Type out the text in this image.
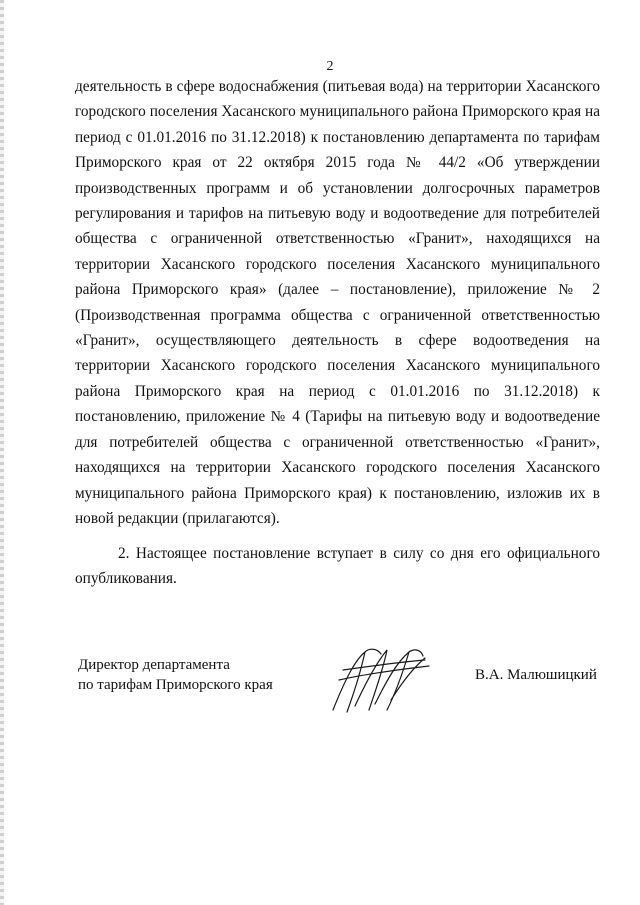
2

деятельность в сфере водоснабжения (питьевая вода) на территории Хасанского городского поселения Хасанского муниципального района Приморского края на период с 01.01.2016 по 31.12.2018) к постановлению департамента по тарифам Приморского края от 22 октября 2015 года № 44/2 «Об утверждении производственных программ и об установлении долгосрочных параметров регулирования и тарифов на питьевую воду и водоотведение для потребителей общества с ограниченной ответственностью «Гранит», находящихся на территории Хасанского городского поселения Хасанского муниципального района Приморского края» (далее – постановление), приложение № 2 (Производственная программа общества с ограниченной ответственностью «Гранит», осуществляющего деятельность в сфере водоотведения на территории Хасанского городского поселения Хасанского муниципального района Приморского края на период с 01.01.2016 по 31.12.2018) к постановлению, приложение № 4 (Тарифы на питьевую воду и водоотведение для потребителей общества с ограниченной ответственностью «Гранит», находящихся на территории Хасанского городского поселения Хасанского муниципального района Приморского края) к постановлению, изложив их в новой редакции (прилагаются).

2. Настоящее постановление вступает в силу со дня его официального опубликования.

Директор департамента
по тарифам Приморского края
В.А. Малюшицкий
